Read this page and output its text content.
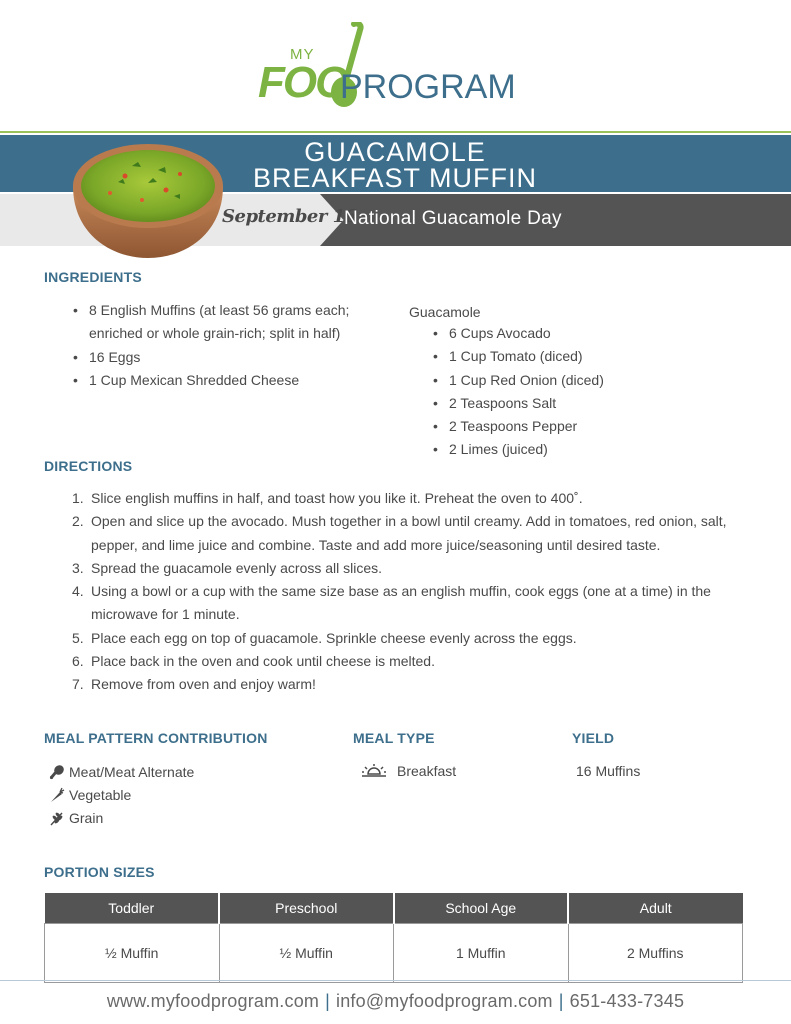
MY
FOO
PROGRAM
GUACAMOLE
BREAKFAST MUFFIN
September 16
National Guacamole Day
INGREDIENTS
• 8 English Muffins (at least 56 grams each; enriched or whole grain-rich; split in half)
• 16 Eggs
• 1 Cup Mexican Shredded Cheese
Guacamole
• 6 Cups Avocado
• 1 Cup Tomato (diced)
• 1 Cup Red Onion (diced)
• 2 Teaspoons Salt
• 2 Teaspoons Pepper
• 2 Limes (juiced)
DIRECTIONS
1. Slice english muffins in half, and toast how you like it. Preheat the oven to 400˚.
2. Open and slice up the avocado. Mush together in a bowl until creamy. Add in tomatoes, red onion, salt, pepper, and lime juice and combine. Taste and add more juice/seasoning until desired taste.
3. Spread the guacamole evenly across all slices.
4. Using a bowl or a cup with the same size base as an english muffin, cook eggs (one at a time) in the microwave for 1 minute.
5. Place each egg on top of guacamole. Sprinkle cheese evenly across the eggs.
6. Place back in the oven and cook until cheese is melted.
7. Remove from oven and enjoy warm!
MEAL PATTERN CONTRIBUTION	MEAL TYPE	YIELD
Meat/Meat Alternate
Vegetable
Grain
Breakfast	16 Muffins
PORTION SIZES
Toddler	Preschool	School Age	Adult
½ Muffin	½ Muffin	1 Muffin	2 Muffins
www.myfoodprogram.com | info@myfoodprogram.com | 651-433-7345
